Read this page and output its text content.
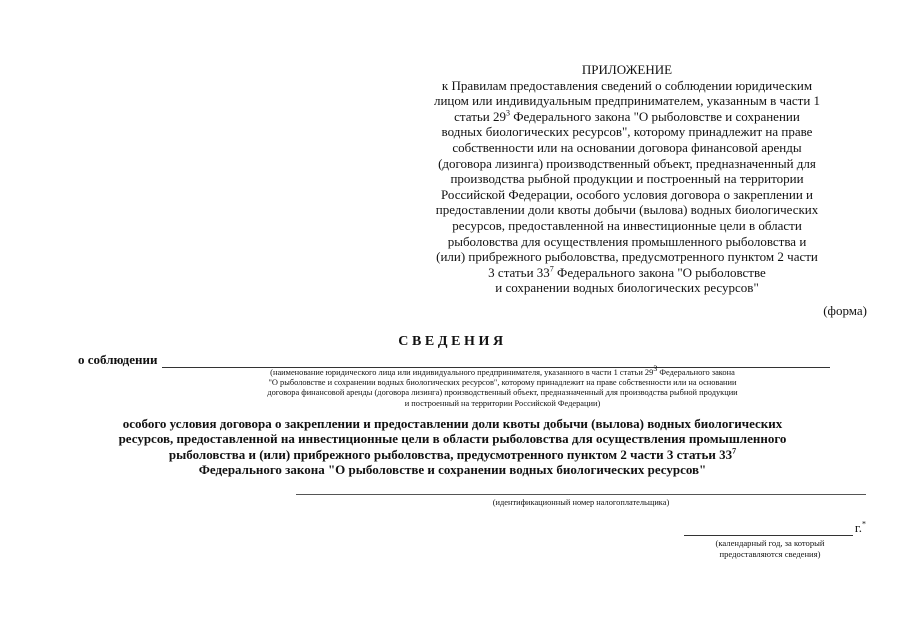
ПРИЛОЖЕНИЕ
к Правилам предоставления сведений о соблюдении юридическим
лицом или индивидуальным предпринимателем, указанным в части 1
статьи $29^3$ Федерального закона "О рыболовстве и сохранении
водных биологических ресурсов", которому принадлежит на праве
собственности или на основании договора финансовой аренды
(договора лизинга) производственный объект, предназначенный для
производства рыбной продукции и построенный на территории
Российской Федерации, особого условия договора о закреплении и
предоставлении доли квоты добычи (вылова) водных биологических
ресурсов, предоставленной на инвестиционные цели в области
рыболовства для осуществления промышленного рыболовства и
(или) прибрежного рыболовства, предусмотренного пунктом 2 части
3 статьи $33^7$ Федерального закона "О рыболовстве
и сохранении водных биологических ресурсов"
(форма)
СВЕДЕНИЯ
о соблюдении
(наименование юридического лица или индивидуального предпринимателя, указанного в части 1 статьи $29^3$ Федерального закона
"О рыболовстве и сохранении водных биологических ресурсов", которому принадлежит на праве собственности или на основании
договора финансовой аренды (договора лизинга) производственный объект, предназначенный для производства рыбной продукции
и построенный на территории Российской Федерации)
особого условия договора о закреплении и предоставлении доли квоты добычи (вылова) водных биологических
ресурсов, предоставленной на инвестиционные цели в области рыболовства для осуществления промышленного
рыболовства и (или) прибрежного рыболовства, предусмотренного пунктом 2 части 3 статьи $33^7$
Федерального закона "О рыболовстве и сохранении водных биологических ресурсов"
(идентификационный номер налогоплательщика)
г.*
(календарный год, за который
предоставляются сведения)
